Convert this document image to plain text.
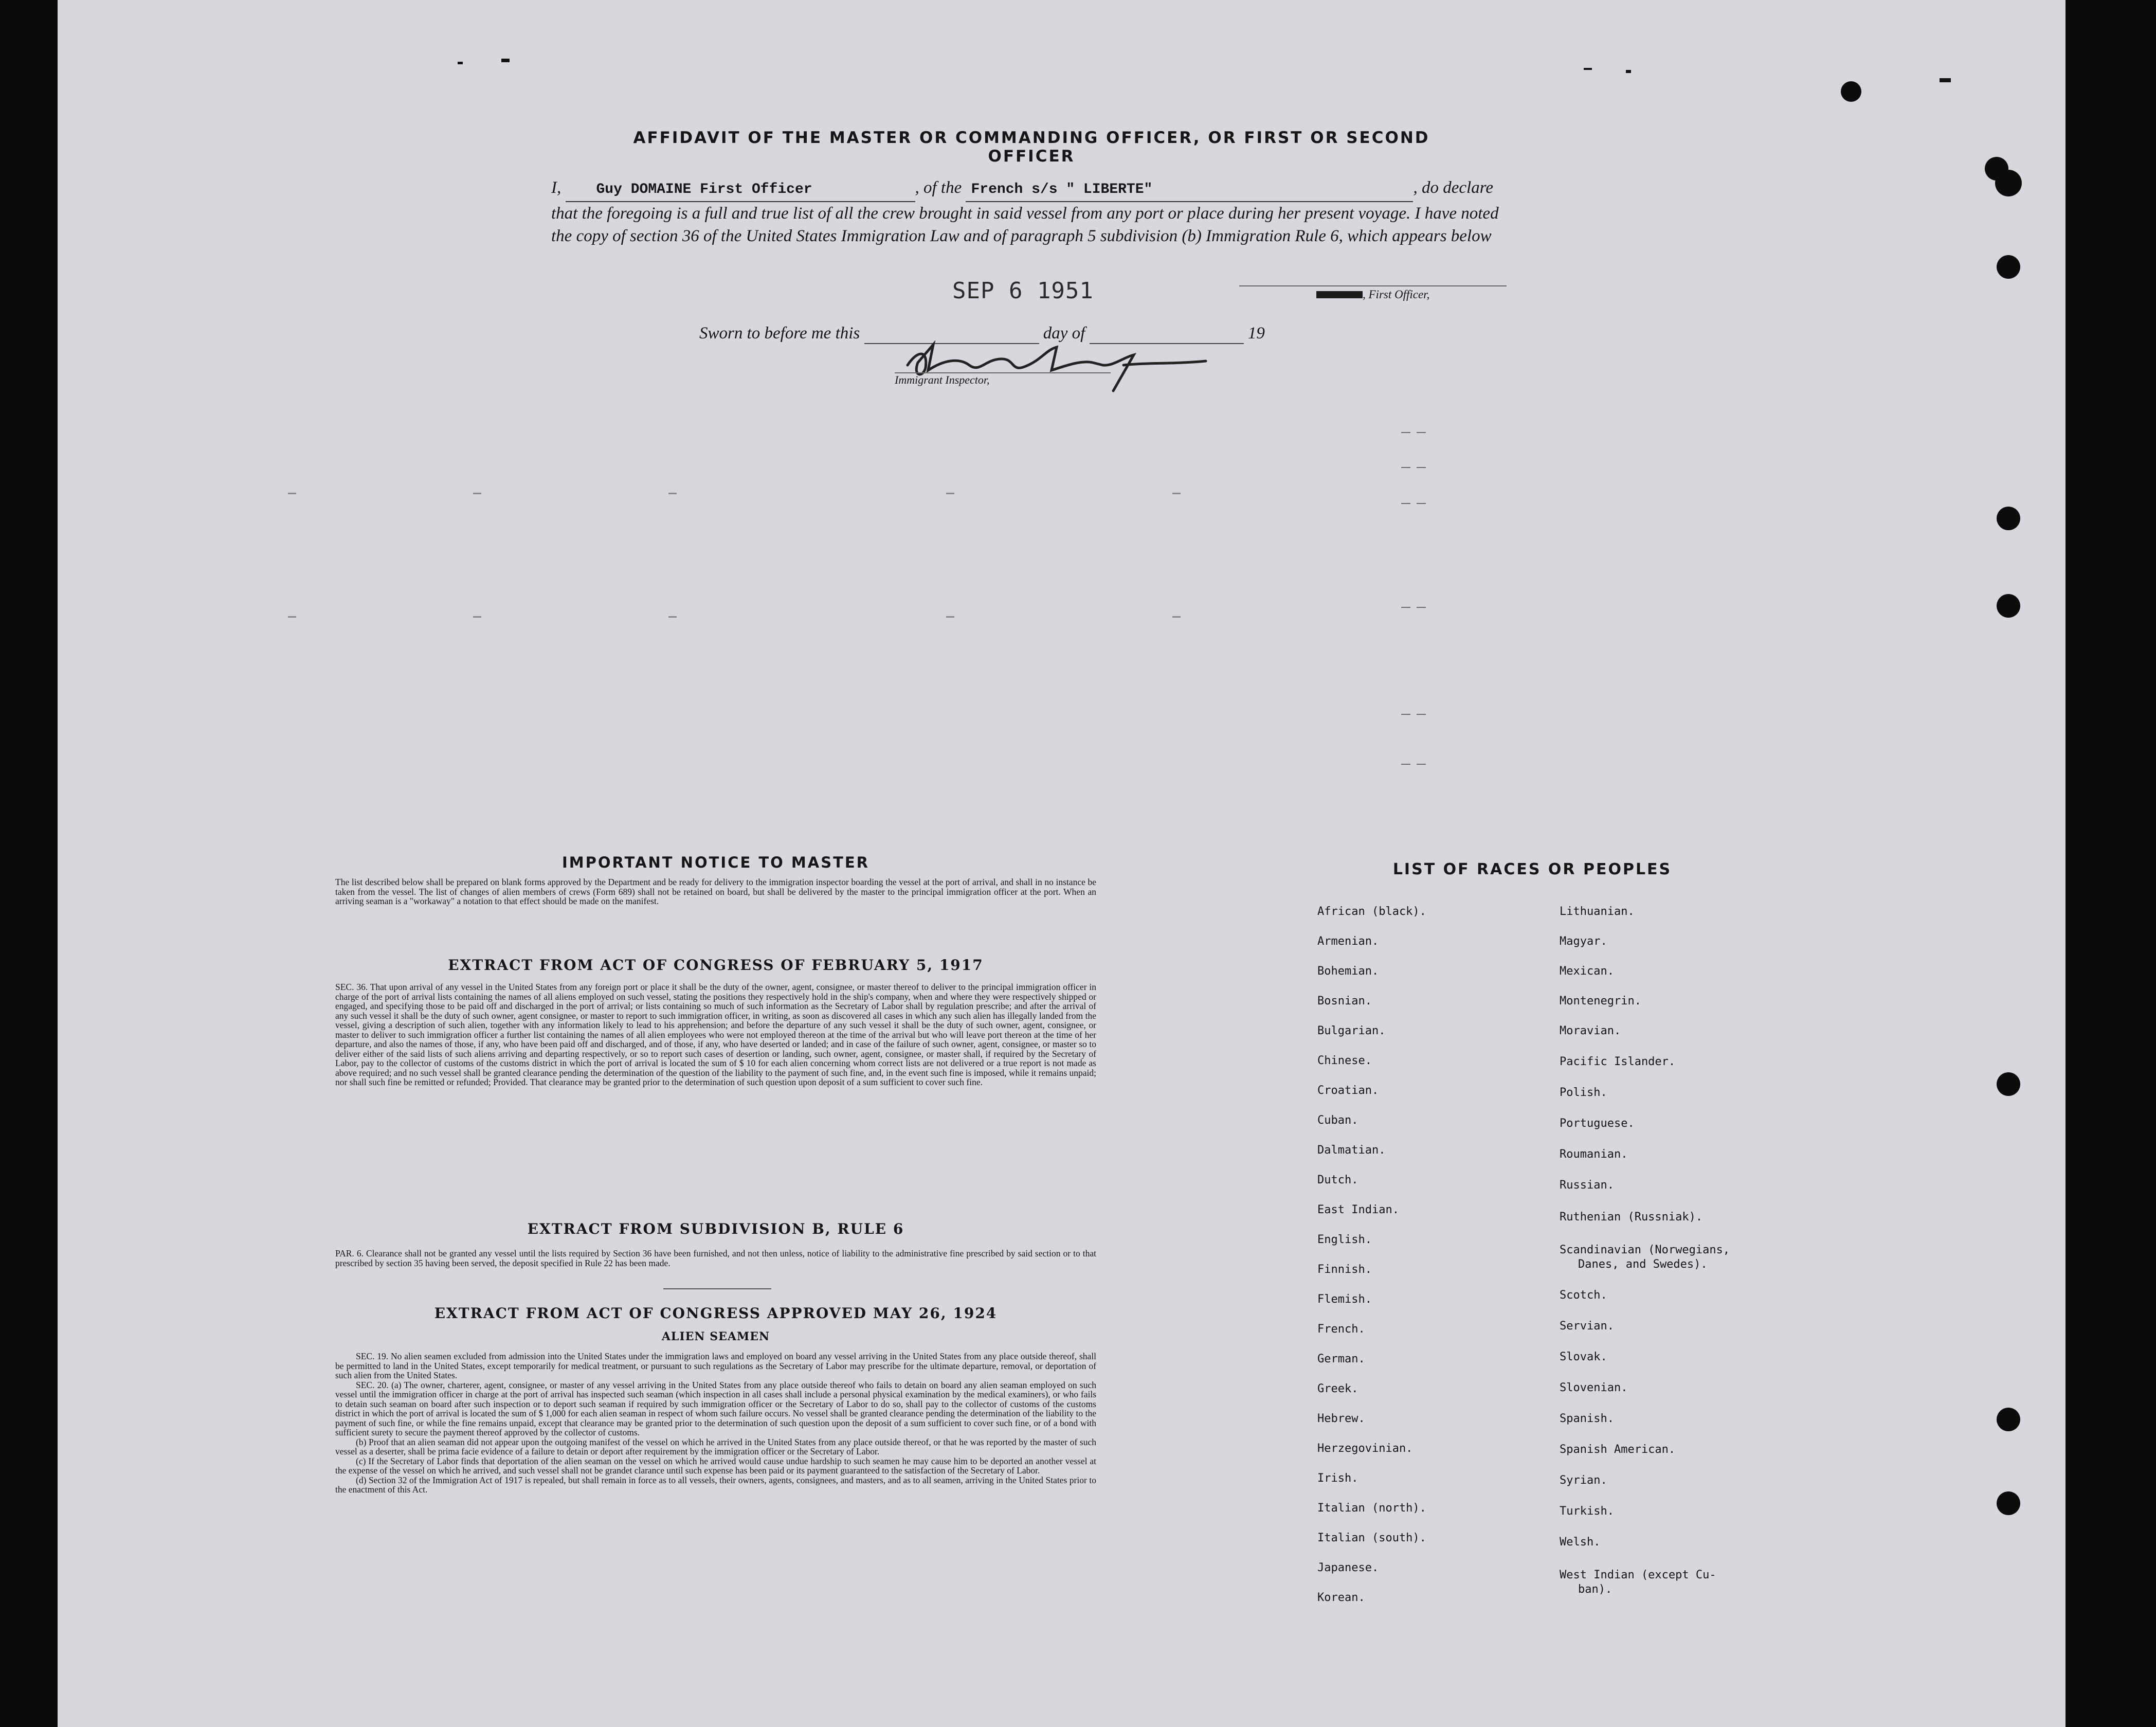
AFFIDAVIT OF THE MASTER OR COMMANDING OFFICER, OR FIRST OR SECOND OFFICER
I, Guy DOMAINE First Officer	, of the French s/s " LIBERTE"	, do declare
that the foregoing is a full and true list of all the crew brought in said vessel from any port or place during her present voyage. I have noted the copy of section 36 of the United States Immigration Law and of paragraph 5 subdivision (b) Immigration Rule 6, which appears below
SEP 6 1951	, First Officer,
Sworn to before me this	day of	19
Immigrant Inspector,
IMPORTANT NOTICE TO MASTER
The list described below shall be prepared on blank forms approved by the Department and be ready for delivery to the immigration inspector boarding the vessel at the port of arrival, and shall in no instance be taken from the vessel. The list of changes of alien members of crews (Form 689) shall not be retained on board, but shall be delivered by the master to the principal immigration officer at the port. When an arriving seaman is a "workaway" a notation to that effect should be made on the manifest.
EXTRACT FROM ACT OF CONGRESS OF FEBRUARY 5, 1917
SEC. 36. That upon arrival of any vessel in the United States from any foreign port or place it shall be the duty of the owner, agent, consignee, or master thereof to deliver to the principal immigration officer in charge of the port of arrival lists containing the names of all aliens employed on such vessel, stating the positions they respectively hold in the ship's company, when and where they were respectively shipped or engaged, and specifying those to be paid off and discharged in the port of arrival; or lists containing so much of such information as the Secretary of Labor shall by regulation prescribe; and after the arrival of any such vessel it shall be the duty of such owner, agent consignee, or master to report to such immigration officer, in writing, as soon as discovered all cases in which any such alien has illegally landed from the vessel, giving a description of such alien, together with any information likely to lead to his apprehension; and before the departure of any such vessel it shall be the duty of such owner, agent, consignee, or master to deliver to such immigration officer a further list containing the names of all alien employees who were not employed thereon at the time of the arrival but who will leave port thereon at the time of her departure, and also the names of those, if any, who have been paid off and discharged, and of those, if any, who have deserted or landed; and in case of the failure of such owner, agent, consignee, or master so to deliver either of the said lists of such aliens arriving and departing respectively, or so to report such cases of desertion or landing, such owner, agent, consignee, or master shall, if required by the Secretary of Labor, pay to the collector of customs of the customs district in which the port of arrival is located the sum of $ 10 for each alien concerning whom correct lists are not delivered or a true report is not made as above required; and no such vessel shall be granted clearance pending the determination of the question of the liability to the payment of such fine, and, in the event such fine is imposed, while it remains unpaid; nor shall such fine be remitted or refunded; Provided. That clearance may be granted prior to the determination of such question upon deposit of a sum sufficient to cover such fine.
EXTRACT FROM SUBDIVISION B, RULE 6
PAR. 6. Clearance shall not be granted any vessel until the lists required by Section 36 have been furnished, and not then unless, notice of liability to the administrative fine prescribed by said section or to that prescribed by section 35 having been served, the deposit specified in Rule 22 has been made.
EXTRACT FROM ACT OF CONGRESS APPROVED MAY 26, 1924
ALIEN SEAMEN

SEC. 19. No alien seamen excluded from admission into the United States under the immigration laws and employed on board any vessel arriving in the United States from any place outside thereof, shall be permitted to land in the United States, except temporarily for medical treatment, or pursuant to such regulations as the Secretary of Labor may prescribe for the ultimate departure, removal, or deportation of such alien from the United States.

SEC. 20. (a) The owner, charterer, agent, consignee, or master of any vessel arriving in the United States from any place outside thereof who fails to detain on board any alien seaman employed on such vessel until the immigration officer in charge at the port of arrival has inspected such seaman (which inspection in all cases shall include a personal physical examination by the medical examiners), or who fails to detain such seaman on board after such inspection or to deport such seaman if required by such immigration officer or the Secretary of Labor to do so, shall pay to the collector of customs of the customs district in which the port of arrival is located the sum of $ 1,000 for each alien seaman in respect of whom such failure occurs. No vessel shall be granted clearance pending the determination of the liability to the payment of such fine, or while the fine remains unpaid, except that clearance may be granted prior to the determination of such question upon the deposit of a sum sufficient to cover such fine, or of a bond with sufficient surety to secure the payment thereof approved by the collector of customs.

(b) Proof that an alien seaman did not appear upon the outgoing manifest of the vessel on which he arrived in the United States from any place outside thereof, or that he was reported by the master of such vessel as a deserter, shall be prima facie evidence of a failure to detain or deport after requirement by the immigration officer or the Secretary of Labor.

(c) If the Secretary of Labor finds that deportation of the alien seaman on the vessel on which he arrived would cause undue hardship to such seamen he may cause him to be deported an another vessel at the expense of the vessel on which he arrived, and such vessel shall not be grandet clarance until such expense has been paid or its payment guaranteed to the satisfaction of the Secretary of Labor.

(d) Section 32 of the Immigration Act of 1917 is repealed, but shall remain in force as to all vessels, their owners, agents, consignees, and masters, and as to all seamen, arriving in the United States prior to the enactment of this Act.

LIST OF RACES OR PEOPLES
African (black).
Armenian.
Bohemian.
Bosnian.
Bulgarian.
Chinese.
Croatian.
Cuban.
Dalmatian.
Dutch.
East Indian.
English.
Finnish.
Flemish.
French.
German.
Greek.
Hebrew.
Herzegovinian.
Irish.
Italian (north).
Italian (south).
Japanese.
Korean.
Lithuanian.
Magyar.
Mexican.
Montenegrin.
Moravian.
Pacific Islander.
Polish.
Portuguese.
Roumanian.
Russian.
Ruthenian (Russniak).
Scandinavian (Norwegians,
Danes, and Swedes).
Scotch.
Servian.
Slovak.
Slovenian.
Spanish.
Spanish American.
Syrian.
Turkish.
Welsh.
West Indian (except Cu-
ban).
